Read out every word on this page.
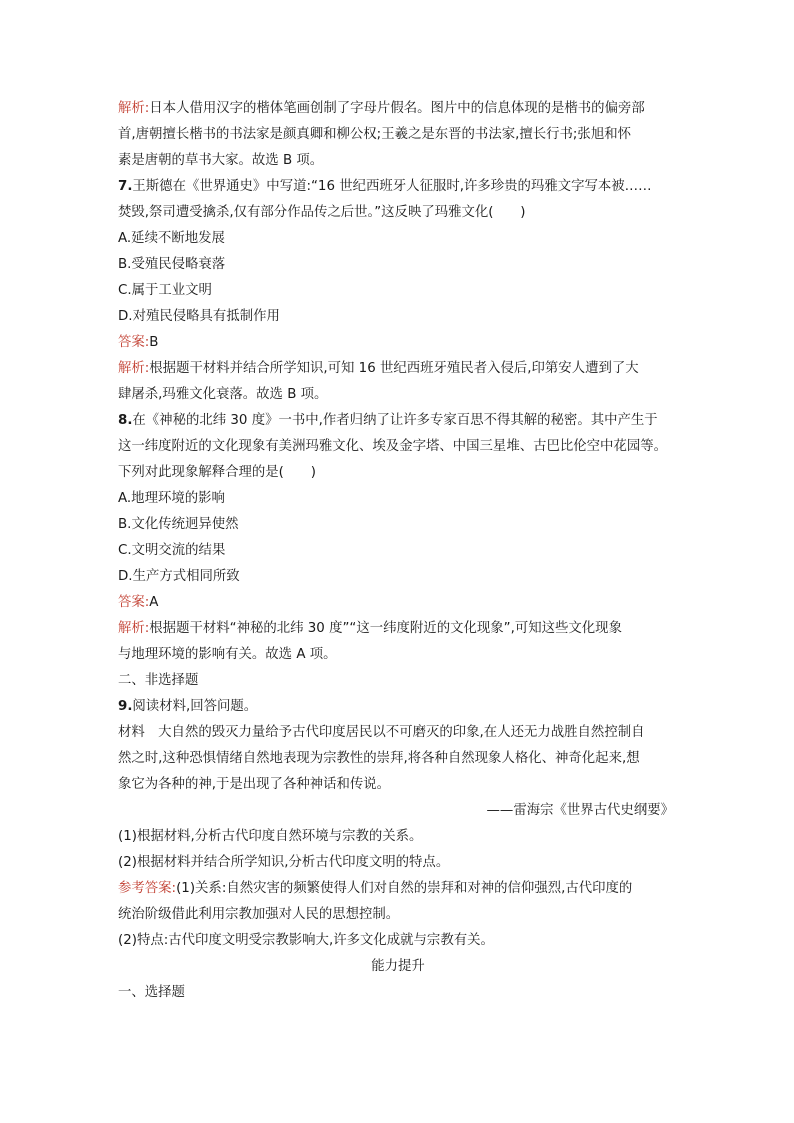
解析:日本人借用汉字的楷体笔画创制了字母片假名。图片中的信息体现的是楷书的偏旁部
首,唐朝擅长楷书的书法家是颜真卿和柳公权;王羲之是东晋的书法家,擅长行书;张旭和怀
素是唐朝的草书大家。故选 B 项。
7.王斯德在《世界通史》中写道:“16 世纪西班牙人征服时,许多珍贵的玛雅文字写本被……
焚毁,祭司遭受擒杀,仅有部分作品传之后世。”这反映了玛雅文化(　　)
A.延续不断地发展
B.受殖民侵略衰落
C.属于工业文明
D.对殖民侵略具有抵制作用
答案:B
解析:根据题干材料并结合所学知识,可知 16 世纪西班牙殖民者入侵后,印第安人遭到了大
肆屠杀,玛雅文化衰落。故选 B 项。
8.在《神秘的北纬 30 度》一书中,作者归纳了让许多专家百思不得其解的秘密。其中产生于
这一纬度附近的文化现象有美洲玛雅文化、埃及金字塔、中国三星堆、古巴比伦空中花园等。
下列对此现象解释合理的是(　　)
A.地理环境的影响
B.文化传统迥异使然
C.文明交流的结果
D.生产方式相同所致
答案:A
解析:根据题干材料“神秘的北纬 30 度”“这一纬度附近的文化现象”,可知这些文化现象
与地理环境的影响有关。故选 A 项。
二、非选择题
9.阅读材料,回答问题。
材料　大自然的毁灭力量给予古代印度居民以不可磨灭的印象,在人还无力战胜自然控制自
然之时,这种恐惧情绪自然地表现为宗教性的崇拜,将各种自然现象人格化、神奇化起来,想
象它为各种的神,于是出现了各种神话和传说。
——雷海宗《世界古代史纲要》
(1)根据材料,分析古代印度自然环境与宗教的关系。
(2)根据材料并结合所学知识,分析古代印度文明的特点。
参考答案:(1)关系:自然灾害的频繁使得人们对自然的崇拜和对神的信仰强烈,古代印度的
统治阶级借此利用宗教加强对人民的思想控制。
(2)特点:古代印度文明受宗教影响大,许多文化成就与宗教有关。
能力提升
一、选择题
